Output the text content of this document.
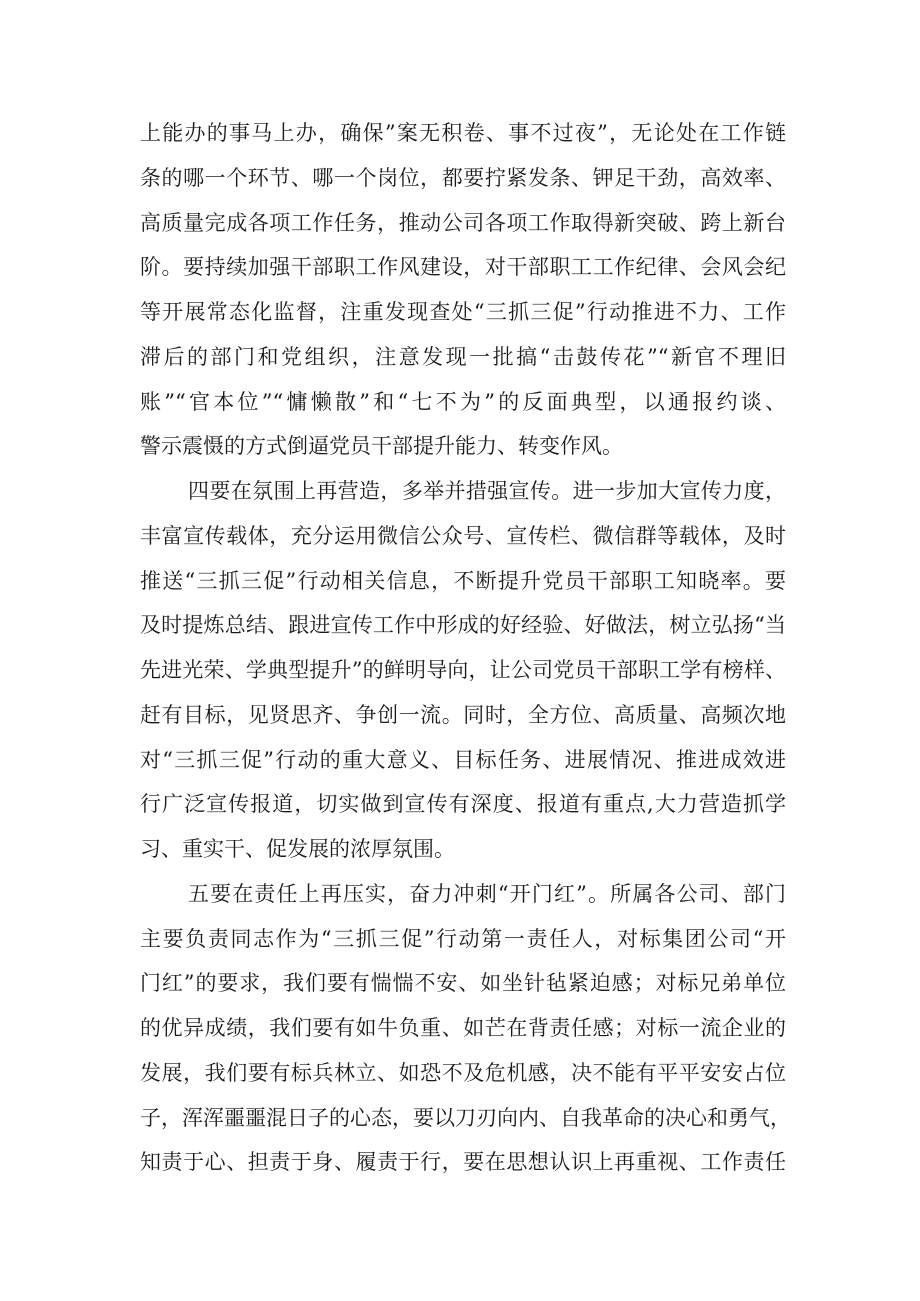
上能办的事马上办，确保”案无积卷、事不过夜”，无论处在工作链
条的哪一个环节、哪一个岗位，都要拧紧发条、钾足干劲，高效率、
高质量完成各项工作任务，推动公司各项工作取得新突破、跨上新台
阶。要持续加强干部职工作风建设，对干部职工工作纪律、会风会纪
等开展常态化监督，注重发现查处“三抓三促”行动推进不力、工作
滞后的部门和党组织，注意发现一批搞“击鼓传花”“新官不理旧
账”“官本位”“慵懒散”和“七不为”的反面典型，以通报约谈、
警示震慑的方式倒逼党员干部提升能力、转变作风。
四要在氛围上再营造，多举并措强宣传。进一步加大宣传力度，
丰富宣传载体，充分运用微信公众号、宣传栏、微信群等载体，及时
推送“三抓三促”行动相关信息，不断提升党员干部职工知晓率。要
及时提炼总结、跟进宣传工作中形成的好经验、好做法，树立弘扬“当
先进光荣、学典型提升”的鲜明导向，让公司党员干部职工学有榜样、
赶有目标，见贤思齐、争创一流。同时，全方位、高质量、高频次地
对“三抓三促”行动的重大意义、目标任务、进展情况、推进成效进
行广泛宣传报道，切实做到宣传有深度、报道有重点,大力营造抓学
习、重实干、促发展的浓厚氛围。
五要在责任上再压实，奋力冲刺“开门红”。所属各公司、部门
主要负责同志作为“三抓三促”行动第一责任人，对标集团公司“开
门红”的要求，我们要有惴惴不安、如坐针毡紧迫感；对标兄弟单位
的优异成绩，我们要有如牛负重、如芒在背责任感；对标一流企业的
发展，我们要有标兵林立、如恐不及危机感，决不能有平平安安占位
子，浑浑噩噩混日子的心态，要以刀刃向内、自我革命的决心和勇气，
知责于心、担责于身、履责于行，要在思想认识上再重视、工作责任
